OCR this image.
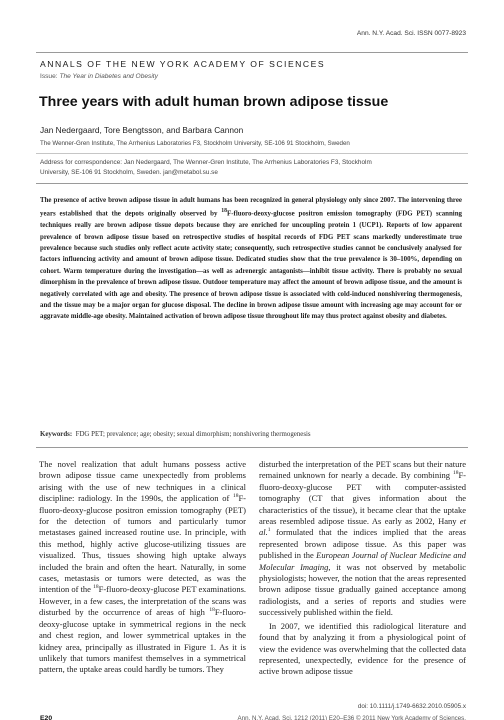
Ann. N.Y. Acad. Sci. ISSN 0077-8923
ANNALS OF THE NEW YORK ACADEMY OF SCIENCES
Issue: The Year in Diabetes and Obesity
Three years with adult human brown adipose tissue
Jan Nedergaard, Tore Bengtsson, and Barbara Cannon
The Wenner-Gren Institute, The Arrhenius Laboratories F3, Stockholm University, SE-106 91 Stockholm, Sweden
Address for correspondence: Jan Nedergaard, The Wenner-Gren Institute, The Arrhenius Laboratories F3, Stockholm
University, SE-106 91 Stockholm, Sweden. jan@metabol.su.se
The presence of active brown adipose tissue in adult humans has been recognized in general physiology only since 2007. The intervening three years established that the depots originally observed by $^{18}$F-fluoro-deoxy-glucose positron emission tomography (FDG PET) scanning techniques really are brown adipose tissue depots because they are enriched for uncoupling protein 1 (UCP1). Reports of low apparent prevalence of brown adipose tissue based on retrospective studies of hospital records of FDG PET scans markedly underestimate true prevalence because such studies only reflect acute activity state; consequently, such retrospective studies cannot be conclusively analysed for factors influencing activity and amount of brown adipose tissue. Dedicated studies show that the true prevalence is 30–100%, depending on cohort. Warm temperature during the investigation—as well as adrenergic antagonists—inhibit tissue activity. There is probably no sexual dimorphism in the prevalence of brown adipose tissue. Outdoor temperature may affect the amount of brown adipose tissue, and the amount is negatively correlated with age and obesity. The presence of brown adipose tissue is associated with cold-induced nonshivering thermogenesis, and the tissue may be a major organ for glucose disposal. The decline in brown adipose tissue amount with increasing age may account for or aggravate middle-age obesity. Maintained activation of brown adipose tissue throughout life may thus protect against obesity and diabetes.
Keywords: FDG PET; prevalence; age; obesity; sexual dimorphism; nonshivering thermogenesis

The novel realization that adult humans possess active brown adipose tissue came unexpectedly from problems arising with the use of new techniques in a clinical discipline: radiology. In the 1990s, the application of $^{18}$F-fluoro-deoxy-glucose positron emission tomography (PET) for the detection of tumors and particularly tumor metastases gained increased routine use. In principle, with this method, highly active glucose-utilizing tissues are visualized. Thus, tissues showing high uptake always included the brain and often the heart. Naturally, in some cases, metastasis or tumors were detected, as was the intention of the $^{18}$F-fluoro-deoxy-glucose PET examinations. However, in a few cases, the interpretation of the scans was disturbed by the occurrence of areas of high $^{18}$F-fluoro-deoxy-glucose uptake in symmetrical regions in the neck and chest region, and lower symmetrical uptakes in the kidney area, principally as illustrated in Figure 1. As it is unlikely that tumors manifest themselves in a symmetrical pattern, the uptake areas could hardly be tumors. They

disturbed the interpretation of the PET scans but their nature remained unknown for nearly a decade. By combining $^{18}$F-fluoro-deoxy-glucose PET with computer-assisted tomography (CT that gives information about the characteristics of the tissue), it became clear that the uptake areas resembled adipose tissue. As early as 2002, Hany et al.$^1$ formulated that the indices implied that the areas represented brown adipose tissue. As this paper was published in the European Journal of Nuclear Medicine and Molecular Imaging, it was not observed by metabolic physiologists; however, the notion that the areas represented brown adipose tissue gradually gained acceptance among radiologists, and a series of reports and studies were successively published within the field.

In 2007, we identified this radiological literature and found that by analyzing it from a physiological point of view the evidence was overwhelming that the collected data represented, unexpectedly, evidence for the presence of active brown adipose tissue

doi: 10.1111/j.1749-6632.2010.05905.x
E20	Ann. N.Y. Acad. Sci. 1212 (2011) E20–E36 © 2011 New York Academy of Sciences.
